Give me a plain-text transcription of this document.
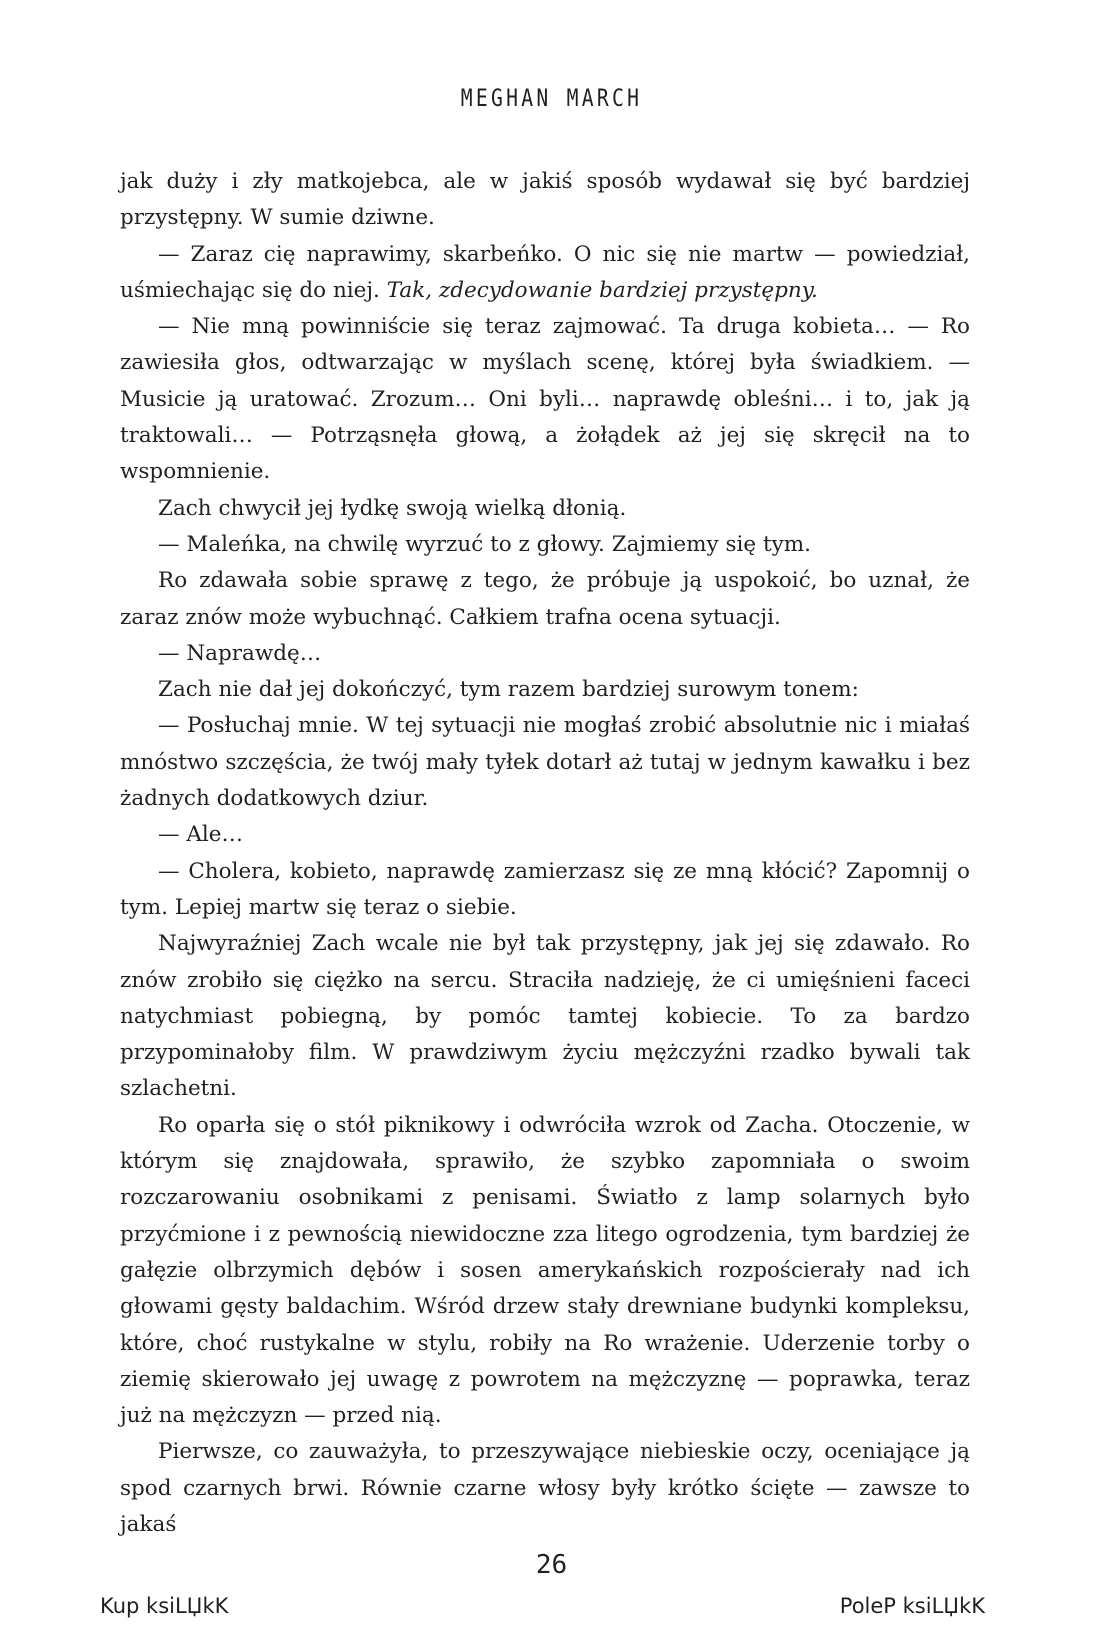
MEGHAN MARCH

jak duży i zły matkojebca, ale w jakiś sposób wydawał się być bardziej przystępny. W sumie dziwne.

— Zaraz cię naprawimy, skarbeńko. O nic się nie martw — powiedział, uśmiechając się do niej. Tak, zdecydowanie bardziej przystępny.

— Nie mną powinniście się teraz zajmować. Ta druga kobieta… — Ro zawiesiła głos, odtwarzając w myślach scenę, której była świadkiem. — Musicie ją uratować. Zrozum… Oni byli… naprawdę obleśni… i to, jak ją traktowali… — Potrząsnęła głową, a żołądek aż jej się skręcił na to wspomnienie.

Zach chwycił jej łydkę swoją wielką dłonią.

— Maleńka, na chwilę wyrzuć to z głowy. Zajmiemy się tym.

Ro zdawała sobie sprawę z tego, że próbuje ją uspokoić, bo uznał, że zaraz znów może wybuchnąć. Całkiem trafna ocena sytuacji.

— Naprawdę…

Zach nie dał jej dokończyć, tym razem bardziej surowym tonem:

— Posłuchaj mnie. W tej sytuacji nie mogłaś zrobić absolutnie nic i miałaś mnóstwo szczęścia, że twój mały tyłek dotarł aż tutaj w jednym kawałku i bez żadnych dodatkowych dziur.

— Ale…

— Cholera, kobieto, naprawdę zamierzasz się ze mną kłócić? Zapomnij o tym. Lepiej martw się teraz o siebie.

Najwyraźniej Zach wcale nie był tak przystępny, jak jej się zdawało. Ro znów zrobiło się ciężko na sercu. Straciła nadzieję, że ci umięśnieni faceci natychmiast pobiegną, by pomóc tamtej kobiecie. To za bardzo przypominałoby film. W prawdziwym życiu mężczyźni rzadko bywali tak szlachetni.

Ro oparła się o stół piknikowy i odwróciła wzrok od Zacha. Otoczenie, w którym się znajdowała, sprawiło, że szybko zapomniała o swoim rozczarowaniu osobnikami z penisami. Światło z lamp solarnych było przyćmione i z pewnością niewidoczne zza litego ogrodzenia, tym bardziej że gałęzie olbrzymich dębów i sosen amerykańskich rozpościerały nad ich głowami gęsty baldachim. Wśród drzew stały drewniane budynki kompleksu, które, choć rustykalne w stylu, robiły na Ro wrażenie. Uderzenie torby o ziemię skierowało jej uwagę z powrotem na mężczyznę — poprawka, teraz już na mężczyzn — przed nią.

Pierwsze, co zauważyła, to przeszywające niebieskie oczy, oceniające ją spod czarnych brwi. Równie czarne włosy były krótko ścięte — zawsze to jakaś

26
Kup ksiLЏkK	PoleP ksiLЏkK
